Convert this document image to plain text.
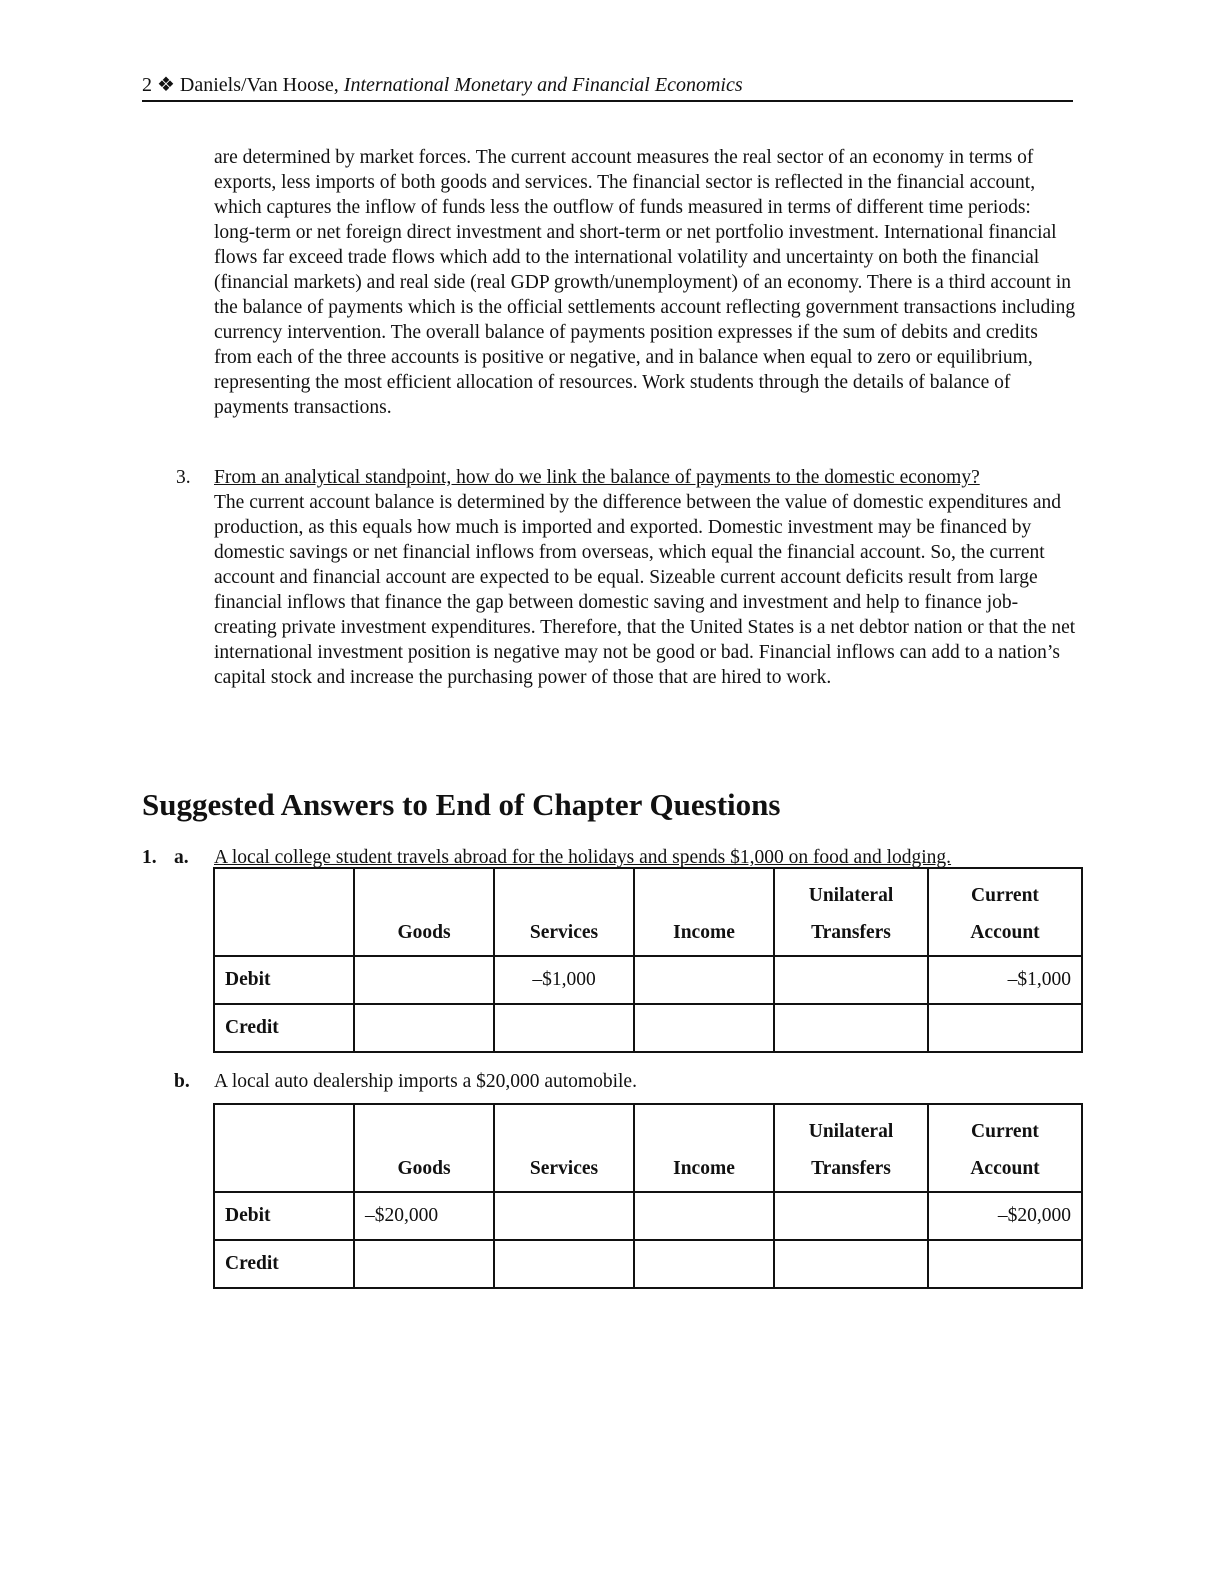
2 ❖ Daniels/Van Hoose, International Monetary and Financial Economics

are determined by market forces. The current account measures the real sector of an economy in terms of exports, less imports of both goods and services. The financial sector is reflected in the financial account, which captures the inflow of funds less the outflow of funds measured in terms of different time periods: long-term or net foreign direct investment and short-term or net portfolio investment. International financial flows far exceed trade flows which add to the international volatility and uncertainty on both the financial (financial markets) and real side (real GDP growth/unemployment) of an economy. There is a third account in the balance of payments which is the official settlements account reflecting government transactions including currency intervention. The overall balance of payments position expresses if the sum of debits and credits from each of the three accounts is positive or negative, and in balance when equal to zero or equilibrium, representing the most efficient allocation of resources. Work students through the details of balance of payments transactions.

3. From an analytical standpoint, how do we link the balance of payments to the domestic economy?
The current account balance is determined by the difference between the value of domestic expenditures and production, as this equals how much is imported and exported. Domestic investment may be financed by domestic savings or net financial inflows from overseas, which equal the financial account. So, the current account and financial account are expected to be equal. Sizeable current account deficits result from large financial inflows that finance the gap between domestic saving and investment and help to finance job-creating private investment expenditures. Therefore, that the United States is a net debtor nation or that the net international investment position is negative may not be good or bad. Financial inflows can add to a nation’s capital stock and increase the purchasing power of those that are hired to work.

Suggested Answers to End of Chapter Questions
1. a. A local college student travels abroad for the holidays and spends $1,000 on food and lodging.
	Goods	Services	Income	Unilateral
Transfers	Current
Account
Debit		–$1,000			–$1,000
Credit					
b. A local auto dealership imports a $20,000 automobile.
	Goods	Services	Income	Unilateral
Transfers	Current
Account
Debit	–$20,000				–$20,000
Credit					
